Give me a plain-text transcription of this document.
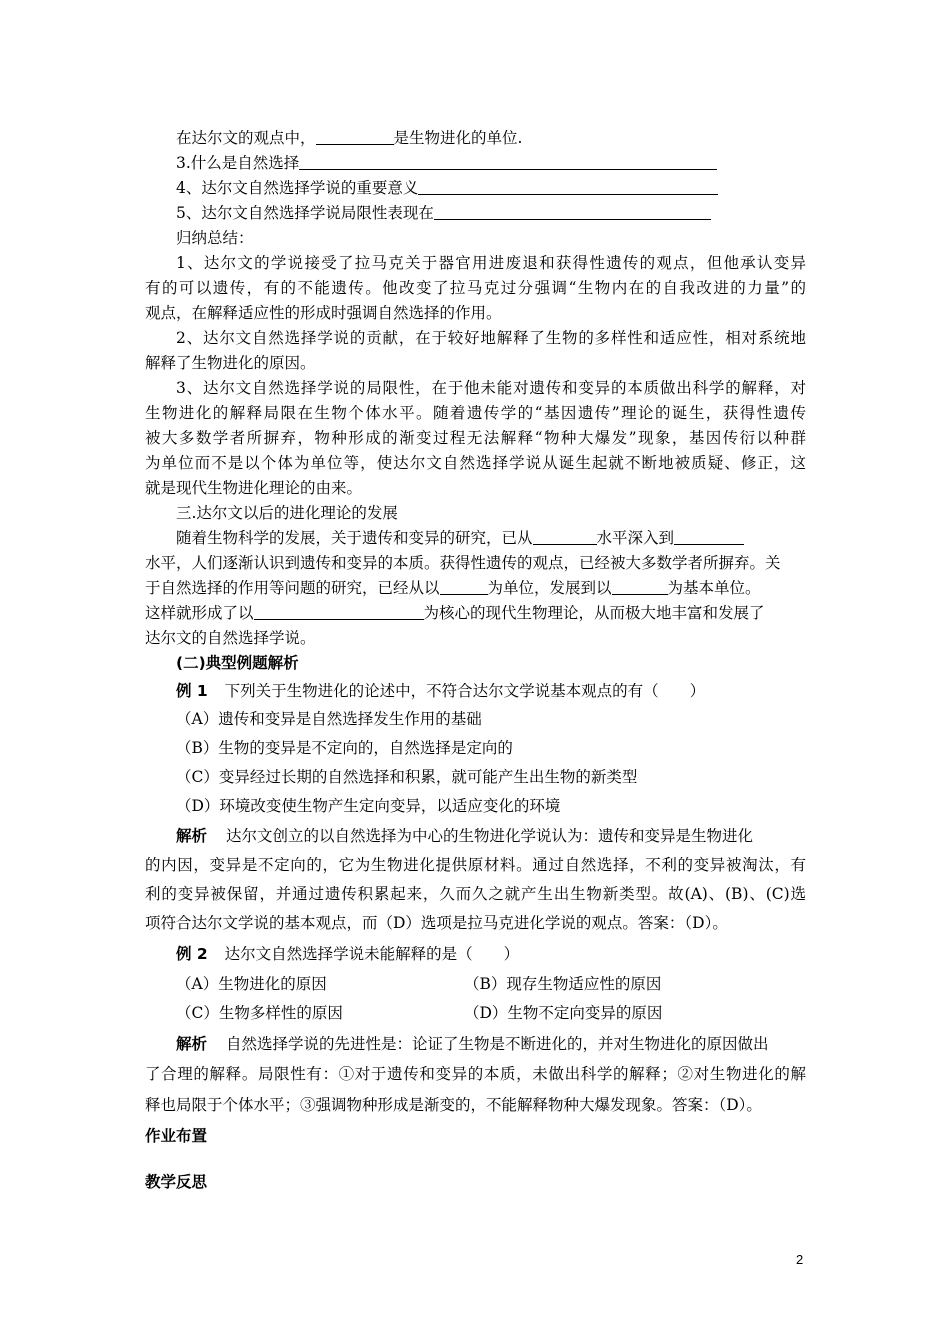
在达尔文的观点中，	是生物进化的单位.
3.什么是自然选择
4、达尔文自然选择学说的重要意义
5、达尔文自然选择学说局限性表现在
归纳总结：
1、达尔文的学说接受了拉马克关于器官用进废退和获得性遗传的观点，但他承认变异
有的可以遗传，有的不能遗传。他改变了拉马克过分强调“生物内在的自我改进的力量”的
观点，在解释适应性的形成时强调自然选择的作用。
2、达尔文自然选择学说的贡献，在于较好地解释了生物的多样性和适应性，相对系统地
解释了生物进化的原因。
3、达尔文自然选择学说的局限性，在于他未能对遗传和变异的本质做出科学的解释，对
生物进化的解释局限在生物个体水平。随着遗传学的“基因遗传”理论的诞生，获得性遗传
被大多数学者所摒弃，物种形成的渐变过程无法解释“物种大爆发”现象，基因传衍以种群
为单位而不是以个体为单位等，使达尔文自然选择学说从诞生起就不断地被质疑、修正，这
就是现代生物进化理论的由来。
三.达尔文以后的进化理论的发展
随着生物科学的发展，关于遗传和变异的研究，已从	水平深入到
水平，人们逐渐认识到遗传和变异的本质。获得性遗传的观点，已经被大多数学者所摒弃。关
于自然选择的作用等问题的研究，已经从以	为单位，发展到以	为基本单位。
这样就形成了以	为核心的现代生物理论，从而极大地丰富和发展了
达尔文的自然选择学说。
(二)典型例题解析
例 1 下列关于生物进化的论述中，不符合达尔文学说基本观点的有（　　）
（A）遗传和变异是自然选择发生作用的基础
（B）生物的变异是不定向的，自然选择是定向的
（C）变异经过长期的自然选择和积累，就可能产生出生物的新类型
（D）环境改变使生物产生定向变异，以适应变化的环境
解析 达尔文创立的以自然选择为中心的生物进化学说认为：遗传和变异是生物进化
的内因，变异是不定向的，它为生物进化提供原材料。通过自然选择，不利的变异被淘汰，有
利的变异被保留，并通过遗传积累起来，久而久之就产生出生物新类型。故(A)、(B)、(C)选
项符合达尔文学说的基本观点，而（D）选项是拉马克进化学说的观点。答案：（D）。
例 2 达尔文自然选择学说未能解释的是（　　）
（A）生物进化的原因	（B）现存生物适应性的原因
（C）生物多样性的原因	（D）生物不定向变异的原因
解析 自然选择学说的先进性是：论证了生物是不断进化的，并对生物进化的原因做出
了合理的解释。局限性有：①对于遗传和变异的本质，未做出科学的解释；②对生物进化的解
释也局限于个体水平；③强调物种形成是渐变的，不能解释物种大爆发现象。答案：（D）。
作业布置
教学反思
2
